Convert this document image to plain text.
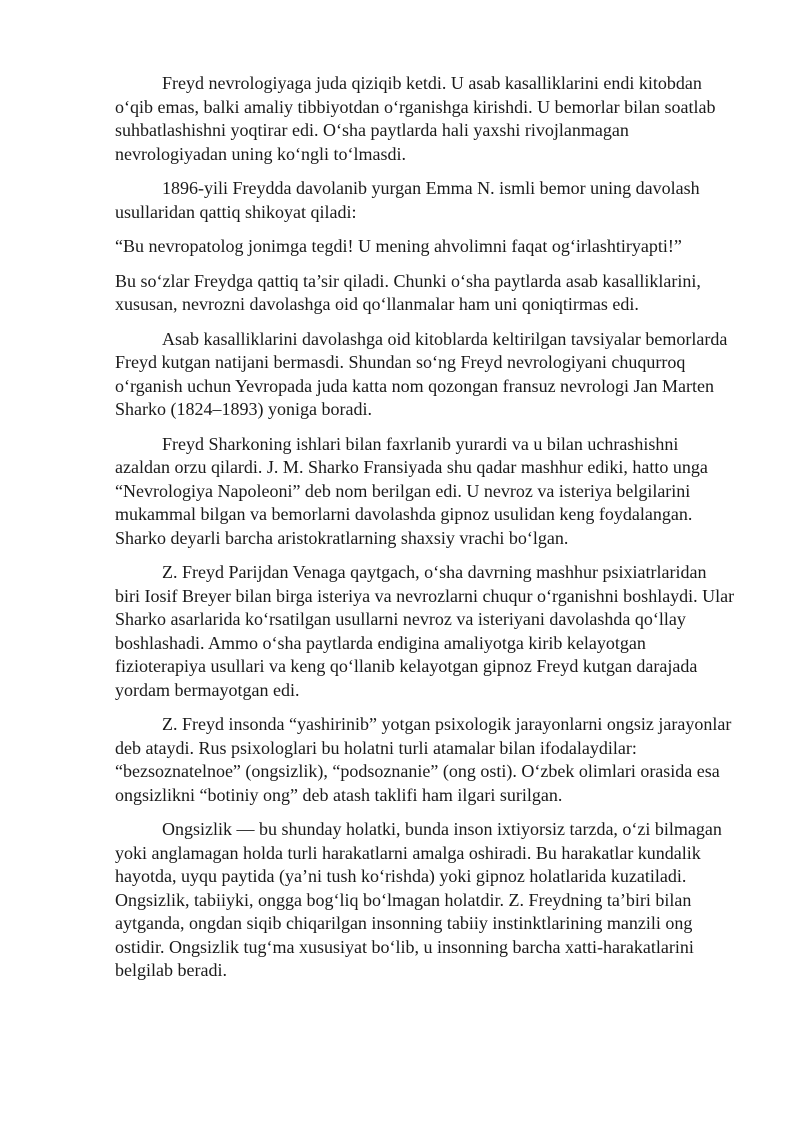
Freyd nevrologiyaga juda qiziqib ketdi. U asab kasalliklarini endi kitobdan o‘qib emas, balki amaliy tibbiyotdan o‘rganishga kirishdi. U bemorlar bilan soatlab suhbatlashishni yoqtirar edi. O‘sha paytlarda hali yaxshi rivojlanmagan nevrologiyadan uning ko‘ngli to‘lmasdi.

1896-yili Freydda davolanib yurgan Emma N. ismli bemor uning davolash usullaridan qattiq shikoyat qiladi:

“Bu nevropatolog jonimga tegdi! U mening ahvolimni faqat og‘irlashtiryapti!”

Bu so‘zlar Freydga qattiq ta’sir qiladi. Chunki o‘sha paytlarda asab kasalliklarini, xususan, nevrozni davolashga oid qo‘llanmalar ham uni qoniqtirmas edi.

Asab kasalliklarini davolashga oid kitoblarda keltirilgan tavsiyalar bemorlarda Freyd kutgan natijani bermasdi. Shundan so‘ng Freyd nevrologiyani chuqurroq o‘rganish uchun Yevropada juda katta nom qozongan fransuz nevrologi Jan Marten Sharko (1824–1893) yoniga boradi.

Freyd Sharkoning ishlari bilan faxrlanib yurardi va u bilan uchrashishni azaldan orzu qilardi. J. M. Sharko Fransiyada shu qadar mashhur ediki, hatto unga “Nevrologiya Napoleoni” deb nom berilgan edi. U nevroz va isteriya belgilarini mukammal bilgan va bemorlarni davolashda gipnoz usulidan keng foydalangan. Sharko deyarli barcha aristokratlarning shaxsiy vrachi bo‘lgan.

Z. Freyd Parijdan Venaga qaytgach, o‘sha davrning mashhur psixiatrlaridan biri Iosif Breyer bilan birga isteriya va nevrozlarni chuqur o‘rganishni boshlaydi. Ular Sharko asarlarida ko‘rsatilgan usullarni nevroz va isteriyani davolashda qo‘llay boshlashadi. Ammo o‘sha paytlarda endigina amaliyotga kirib kelayotgan fizioterapiya usullari va keng qo‘llanib kelayotgan gipnoz Freyd kutgan darajada yordam bermayotgan edi.

Z. Freyd insonda “yashirinib” yotgan psixologik jarayonlarni ongsiz jarayonlar deb ataydi. Rus psixologlari bu holatni turli atamalar bilan ifodalaydilar: “bezsoznatelnoe” (ongsizlik), “podsoznanie” (ong osti). O‘zbek olimlari orasida esa ongsizlikni “botiniy ong” deb atash taklifi ham ilgari surilgan.

Ongsizlik — bu shunday holatki, bunda inson ixtiyorsiz tarzda, o‘zi bilmagan yoki anglamagan holda turli harakatlarni amalga oshiradi. Bu harakatlar kundalik hayotda, uyqu paytida (ya’ni tush ko‘rishda) yoki gipnoz holatlarida kuzatiladi. Ongsizlik, tabiiyki, ongga bog‘liq bo‘lmagan holatdir. Z. Freydning ta’biri bilan aytganda, ongdan siqib chiqarilgan insonning tabiiy instinktlarining manzili ong ostidir. Ongsizlik tug‘ma xususiyat bo‘lib, u insonning barcha xatti-harakatlarini belgilab beradi.
